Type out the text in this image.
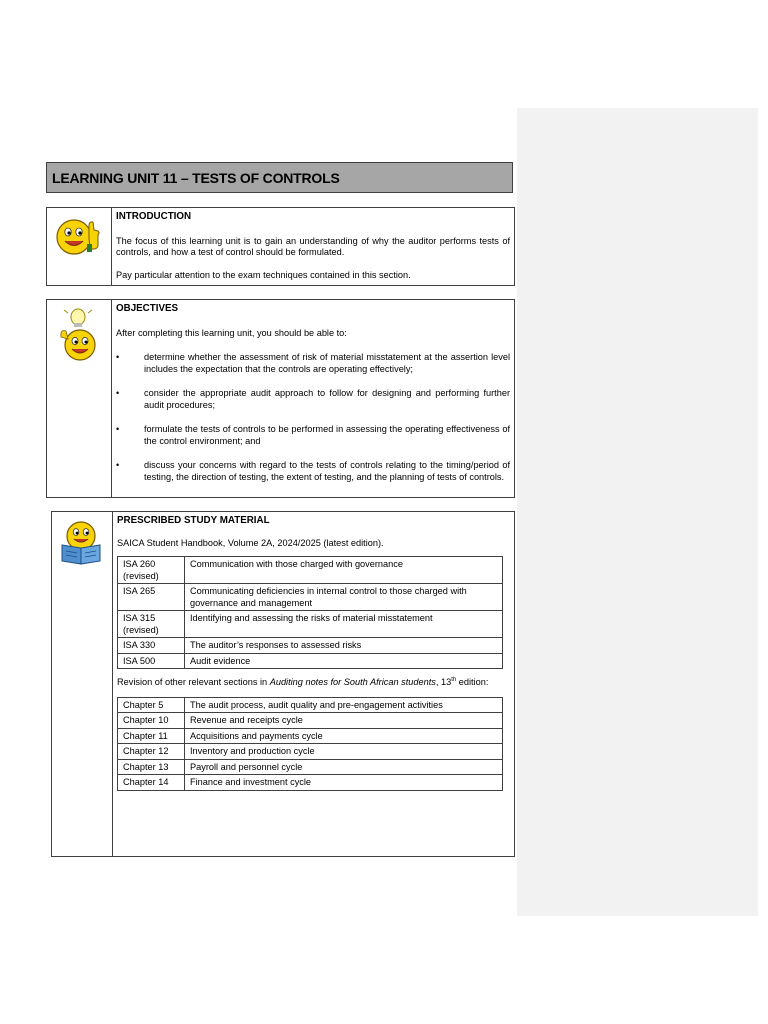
LEARNING UNIT 11 – TESTS OF CONTROLS
INTRODUCTION

The focus of this learning unit is to gain an understanding of why the auditor performs tests of controls, and how a test of control should be formulated.

Pay particular attention to the exam techniques contained in this section.

OBJECTIVES

After completing this learning unit, you should be able to:

•	determine whether the assessment of risk of material misstatement at the assertion level includes the expectation that the controls are operating effectively;
•	consider the appropriate audit approach to follow for designing and performing further audit procedures;
•	formulate the tests of controls to be performed in assessing the operating effectiveness of the control environment; and
•	discuss your concerns with regard to the tests of controls relating to the timing/period of testing, the direction of testing, the extent of testing, and the planning of tests of controls.
PRESCRIBED STUDY MATERIAL

SAICA Student Handbook, Volume 2A, 2024/2025 (latest edition).

ISA 260 (revised)	Communication with those charged with governance
ISA 265	Communicating deficiencies in internal control to those charged with governance and management
ISA 315 (revised)	Identifying and assessing the risks of material misstatement
ISA 330	The auditor’s responses to assessed risks
ISA 500	Audit evidence

Revision of other relevant sections in Auditing notes for South African students, 13th edition:

Chapter 5	The audit process, audit quality and pre-engagement activities
Chapter 10	Revenue and receipts cycle
Chapter 11	Acquisitions and payments cycle
Chapter 12	Inventory and production cycle
Chapter 13	Payroll and personnel cycle
Chapter 14	Finance and investment cycle
